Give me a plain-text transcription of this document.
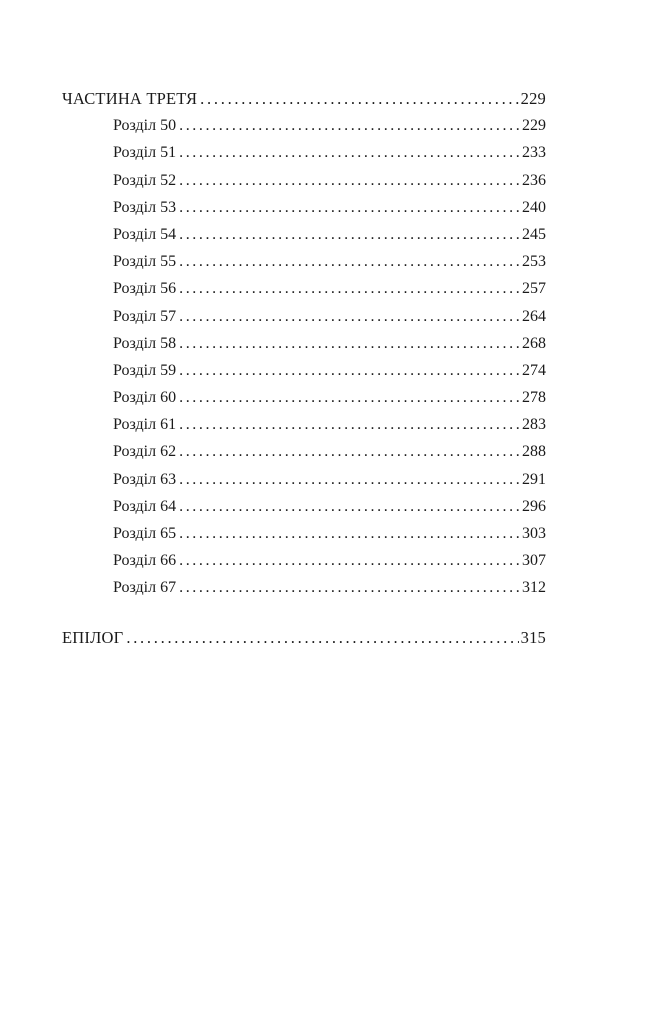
ЧАСТИНА ТРЕТЯ . . .	229
Розділ 50 . . .	229
Розділ 51 . . .	233
Розділ 52 . . .	236
Розділ 53 . . .	240
Розділ 54 . . .	245
Розділ 55 . . .	253
Розділ 56 . . .	257
Розділ 57 . . .	264
Розділ 58 . . .	268
Розділ 59 . . .	274
Розділ 60 . . .	278
Розділ 61 . . .	283
Розділ 62 . . .	288
Розділ 63 . . .	291
Розділ 64 . . .	296
Розділ 65 . . .	303
Розділ 66 . . .	307
Розділ 67 . . .	312
ЕПІЛОГ . . .	315
